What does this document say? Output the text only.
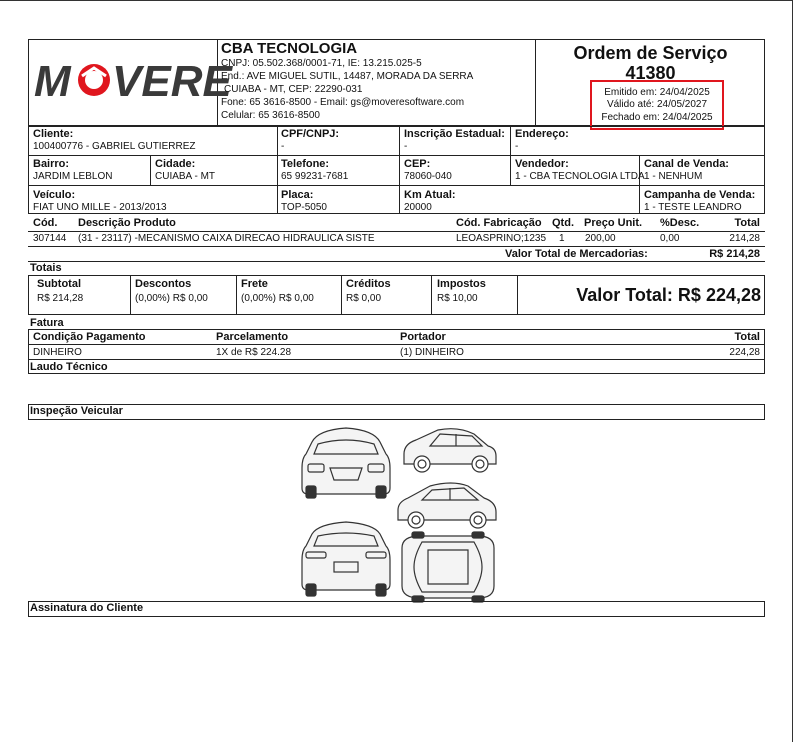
M VERE
CBA TECNOLOGIA
CNPJ: 05.502.368/0001-71, IE: 13.215.025-5
End.: AVE MIGUEL SUTIL, 14487, MORADA DA SERRA
CUIABA - MT, CEP: 22290-031
Fone: 65 3616-8500 - Email: gs@moveresoftware.com
Celular: 65 3616-8500
Ordem de Serviço
41380
Emitido em: 24/04/2025
Válido até: 24/05/2027
Fechado em: 24/04/2025
Cliente:
100400776 - GABRIEL GUTIERREZ
CPF/CNPJ:
-
Inscrição Estadual:
-
Endereço:
-
Bairro:
JARDIM LEBLON
Cidade:
CUIABA - MT
Telefone:
65 99231-7681
CEP:
78060-040
Vendedor:
1 - CBA TECNOLOGIA LTDA
Canal de Venda:
1 - NENHUM
Veículo:
FIAT UNO MILLE - 2013/2013
Placa:
TOP-5050
Km Atual:
20000
Campanha de Venda:
1 - TESTE LEANDRO
Cód. Descrição Produto	Cód. Fabricação Qtd. Preço Unit. %Desc.	Total
307144 (31 - 23117) -MECANISMO CAIXA DIRECAO HIDRAULICA SISTE	LEOASPRINO;1235 1 200,00	0,00	214,28
Valor Total de Mercadorias:	R$ 214,28
Totais
Subtotal
R$ 214,28
Descontos
(0,00%) R$ 0,00
Frete
(0,00%) R$ 0,00
Créditos
R$ 0,00
Impostos
R$ 10,00	Valor Total: R$ 224,28
Fatura
Condição Pagamento	Parcelamento	Portador	Total
DINHEIRO	1X de R$ 224.28	(1) DINHEIRO	224,28
Laudo Técnico
Inspeção Veicular
Assinatura do Cliente
